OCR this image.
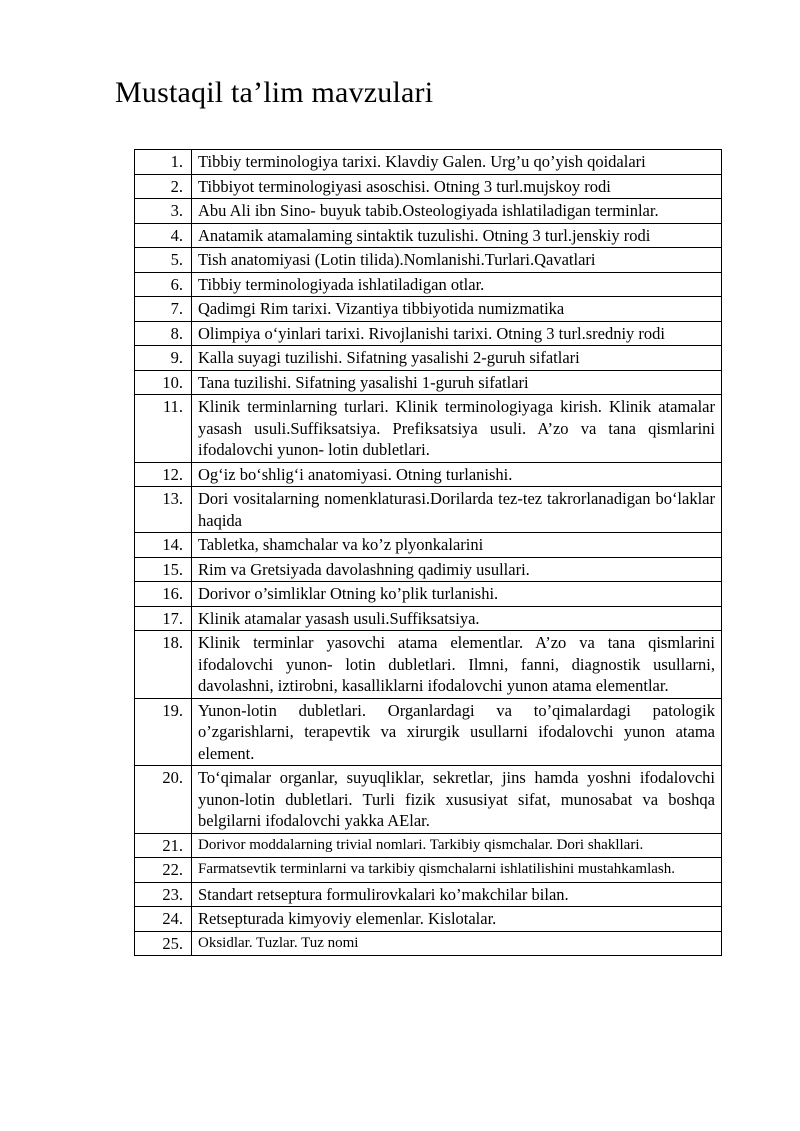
Mustaqil ta’lim mavzulari
1.	Tibbiy terminologiya tarixi. Klavdiy Galen. Urg’u qo’yish qoidalari
2.	Tibbiyot terminologiyasi asoschisi. Otning 3 turl.mujskoy rodi
3.	Abu Ali ibn Sino- buyuk tabib.Osteologiyada ishlatiladigan terminlar.
4.	Anatamik atamalaming sintaktik tuzulishi. Otning 3 turl.jenskiy rodi
5.	Tish anatomiyasi (Lotin tilida).Nomlanishi.Turlari.Qavatlari
6.	Tibbiy terminologiyada ishlatiladigan otlar.
7.	Qadimgi Rim tarixi. Vizantiya tibbiyotida numizmatika
8.	Olimpiya o‘yinlari tarixi. Rivojlanishi tarixi. Otning 3 turl.sredniy rodi
9.	Kalla suyagi tuzilishi. Sifatning yasalishi 2-guruh sifatlari
10.	Tana tuzilishi. Sifatning yasalishi 1-guruh sifatlari
11.	Klinik terminlarning turlari. Klinik terminologiyaga kirish. Klinik atamalar yasash usuli.Suffiksatsiya. Prefiksatsiya usuli. A’zo va tana qismlarini ifodalovchi yunon- lotin dubletlari.
12.	Og‘iz bo‘shlig‘i anatomiyasi. Otning turlanishi.
13.	Dori vositalarning nomenklaturasi.Dorilarda tez-tez takrorlanadigan bo‘laklar haqida
14.	Tabletka, shamchalar va ko’z plyonkalarini
15.	Rim va Gretsiyada davolashning qadimiy usullari.
16.	Dorivor o’simliklar Otning ko’plik turlanishi.
17.	Klinik atamalar yasash usuli.Suffiksatsiya.
18.	Klinik terminlar yasovchi atama elementlar. A’zo va tana qismlarini ifodalovchi yunon- lotin dubletlari. Ilmni, fanni, diagnostik usullarni, davolashni, iztirobni, kasalliklarni ifodalovchi yunon atama elementlar.
19.	Yunon-lotin dubletlari. Organlardagi va to’qimalardagi patologik o’zgarishlarni, terapevtik va xirurgik usullarni ifodalovchi yunon atama element.
20.	To‘qimalar organlar, suyuqliklar, sekretlar, jins hamda yoshni ifodalovchi yunon-lotin dubletlari. Turli fizik xususiyat sifat, munosabat va boshqa belgilarni ifodalovchi yakka AElar.
21.	Dorivor moddalarning trivial nomlari. Tarkibiy qismchalar. Dori shakllari.
22.	Farmatsevtik terminlarni va tarkibiy qismchalarni ishlatilishini mustahkamlash.
23.	Standart retseptura formulirovkalari ko’makchilar bilan.
24.	Retsepturada kimyoviy elemenlar. Kislotalar.
25.	Oksidlar. Tuzlar. Tuz nomi
